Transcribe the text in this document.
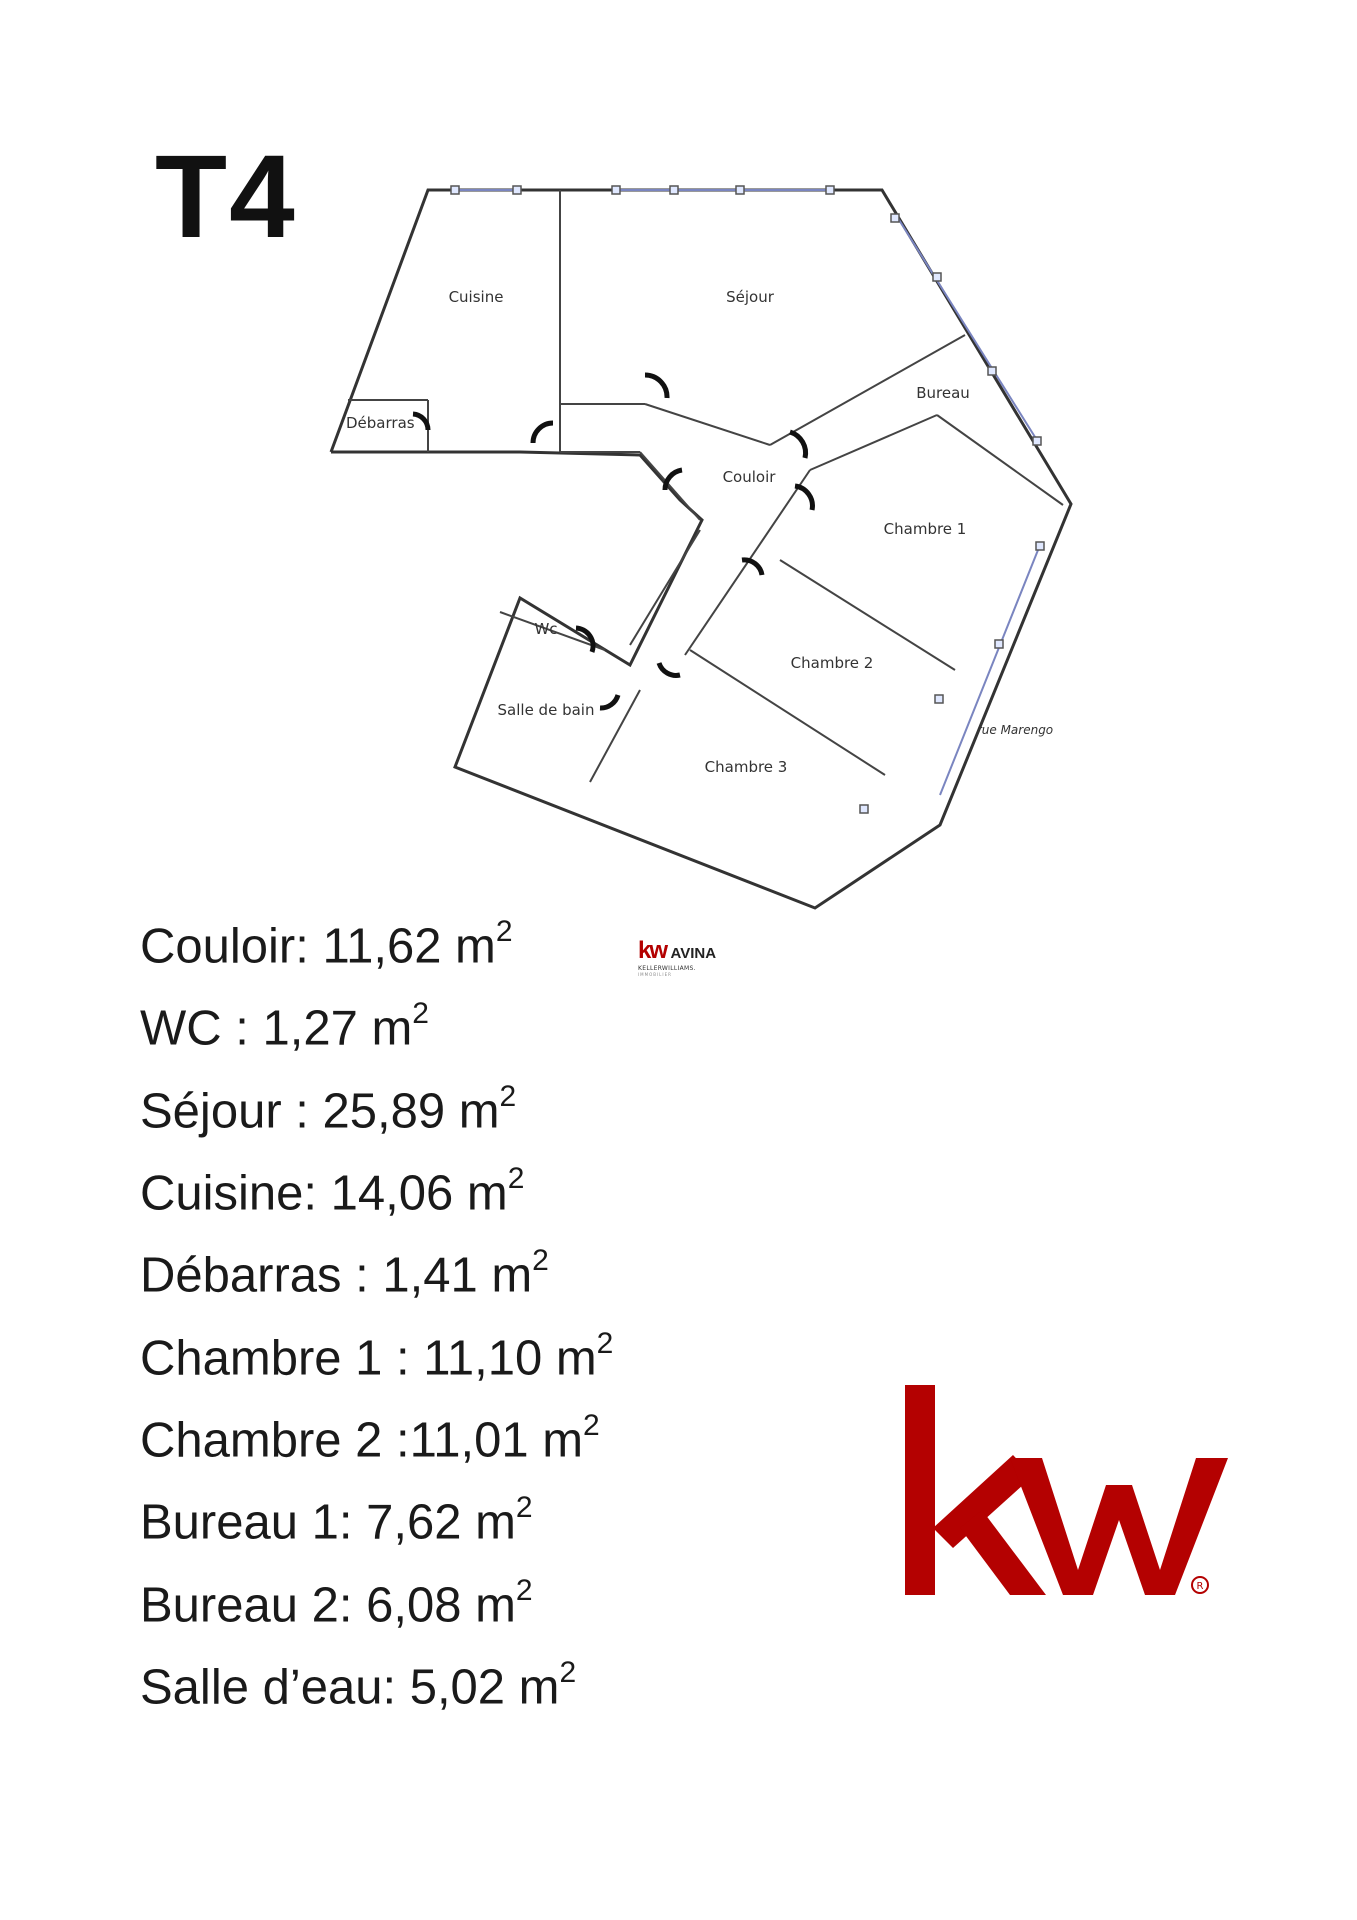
T4
Cuisine	Séjour
Bureau
Débarras
Couloir
Chambre 1
Chambre 2
Wc
Salle de bain
Chambre 3
rue Marengo
Couloir: 11,62 $m^2$
WC : 1,27 $m^2$
Séjour : 25,89 $m^2$
Cuisine: 14,06 $m^2$
Débarras : 1,41 $m^2$
Chambre 1 : 11,10 $m^2$
Chambre 2 :11,01 $m^2$
Bureau 1: 7,62 $m^2$
Bureau 2: 6,08 $m^2$
Salle d’eau: 5,02 $m^2$
kw AVINA
KELLERWILLIAMS.
IMMOBILIER
R
